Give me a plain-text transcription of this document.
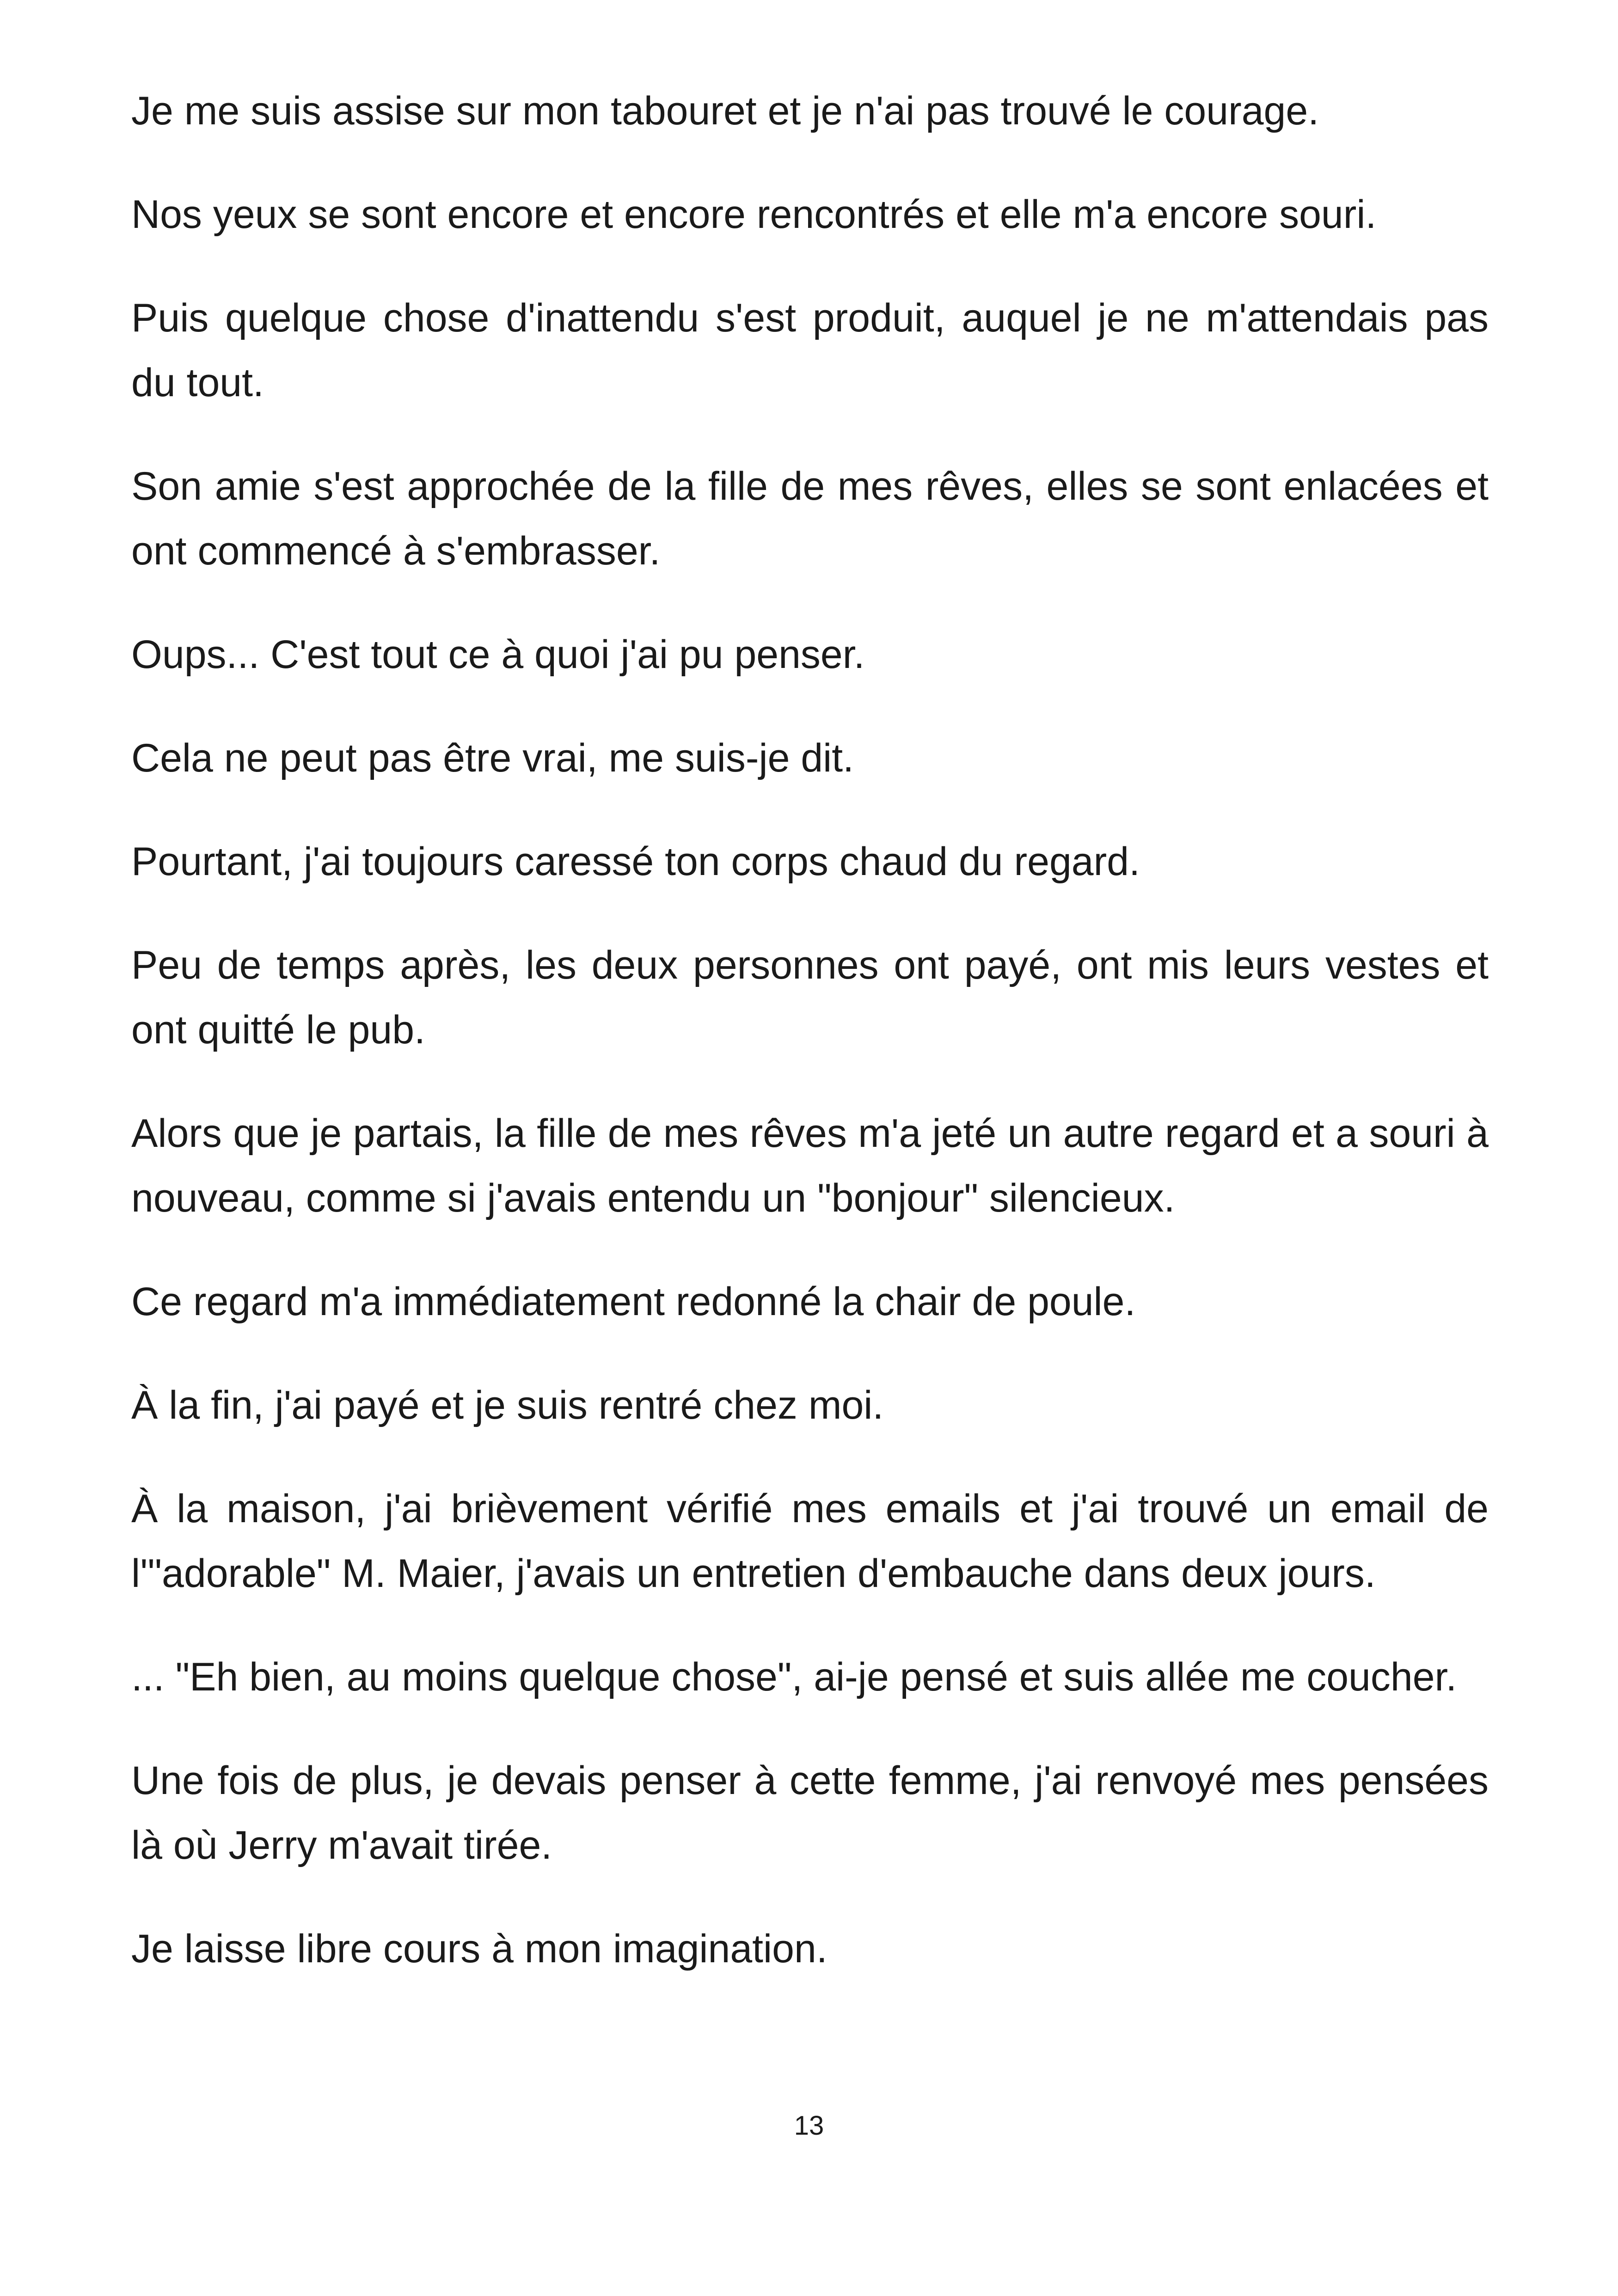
Je me suis assise sur mon tabouret et je n'ai pas trouvé le courage.

Nos yeux se sont encore et encore rencontrés et elle m'a encore souri.

Puis quelque chose d'inattendu s'est produit, auquel je ne m'attendais pas du tout.

Son amie s'est approchée de la fille de mes rêves, elles se sont enlacées et ont commencé à s'embrasser.

Oups... C'est tout ce à quoi j'ai pu penser.

Cela ne peut pas être vrai, me suis-je dit.

Pourtant, j'ai toujours caressé ton corps chaud du regard.

Peu de temps après, les deux personnes ont payé, ont mis leurs vestes et ont quitté le pub.

Alors que je partais, la fille de mes rêves m'a jeté un autre regard et a souri à nouveau, comme si j'avais entendu un "bonjour" silencieux.

Ce regard m'a immédiatement redonné la chair de poule.

À la fin, j'ai payé et je suis rentré chez moi.

À la maison, j'ai brièvement vérifié mes emails et j'ai trouvé un email de l'"adorable" M. Maier, j'avais un entretien d'embauche dans deux jours.

... "Eh bien, au moins quelque chose", ai-je pensé et suis allée me coucher.

Une fois de plus, je devais penser à cette femme, j'ai renvoyé mes pensées là où Jerry m'avait tirée.

Je laisse libre cours à mon imagination.

13
